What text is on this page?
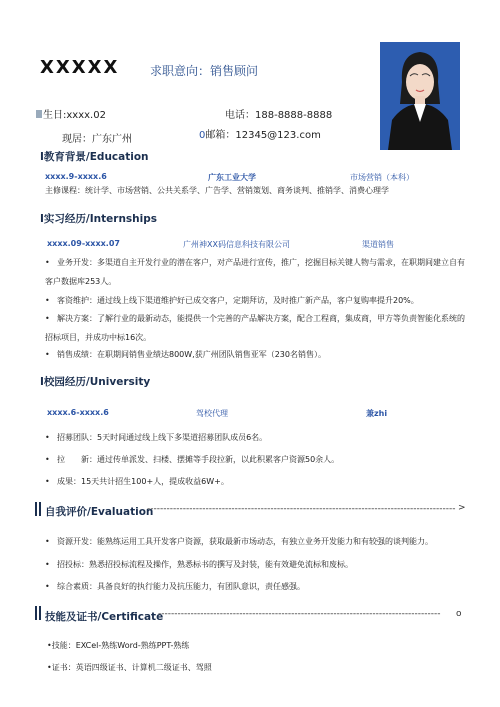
XXXXX	求职意向：销售顾问
生日:xxxx.02	电话：188-8888-8888
现居：广东广州	0邮箱：12345@123.com
I教育背景/Education
xxxx.9-xxxx.6	广东工业大学	市场营销（本科）
主修课程：统计学、市场营销、公共关系学、广告学、营销策划、商务谈判、推销学、消费心理学
I实习经历/Internships
xxxx.09-xxxx.07	广州神XX码信息科技有限公司	渠道销售
• 业务开发：多渠道自主开发行业的潜在客户，对产品进行宣传，推广，挖掘目标关键人物与需求，在职期间建立自有客户数据库253人。
• 客资维护：通过线上线下渠道维护好已成交客户，定期拜访，及时推广新产品，客户复购率提升20%。
• 解决方案：了解行业的最新动态，能提供一个完善的产品解决方案，配合工程商，集成商，甲方等负责智能化系统的招标项目，并成功中标16次。
• 销售成绩：在职期间销售业绩达800W,获广州团队销售亚军（230名销售）。
I校园经历/University
xxxx.6-xxxx.6	驾校代理	兼zhi
• 招募团队：5天时间通过线上线下多渠道招募团队成员6名。
• 拉　　新：通过传单派发、扫楼、摆摊等手段拉新，以此积累客户资源50余人。
• 成果：15天共计招生100+人，提成收益6W+。
自我评价/Evaluation
----------------------------------------------------------------------------------------------- >
• 资源开发：能熟练运用工具开发客户资源，获取最新市场动态，有独立业务开发能力和有较强的谈判能力。
• 招投标：熟悉招投标流程及操作，熟悉标书的撰写及封装，能有效避免流标和废标。
• 综合素质：具备良好的执行能力及抗压能力，有团队意识，责任感强。
技能及证书/Certificate
---------------------------------------------------------------------------------------	o
•技能：EXCel-熟练Word-熟练PPT-熟练
•证书：英语四级证书、计算机二级证书、驾照
